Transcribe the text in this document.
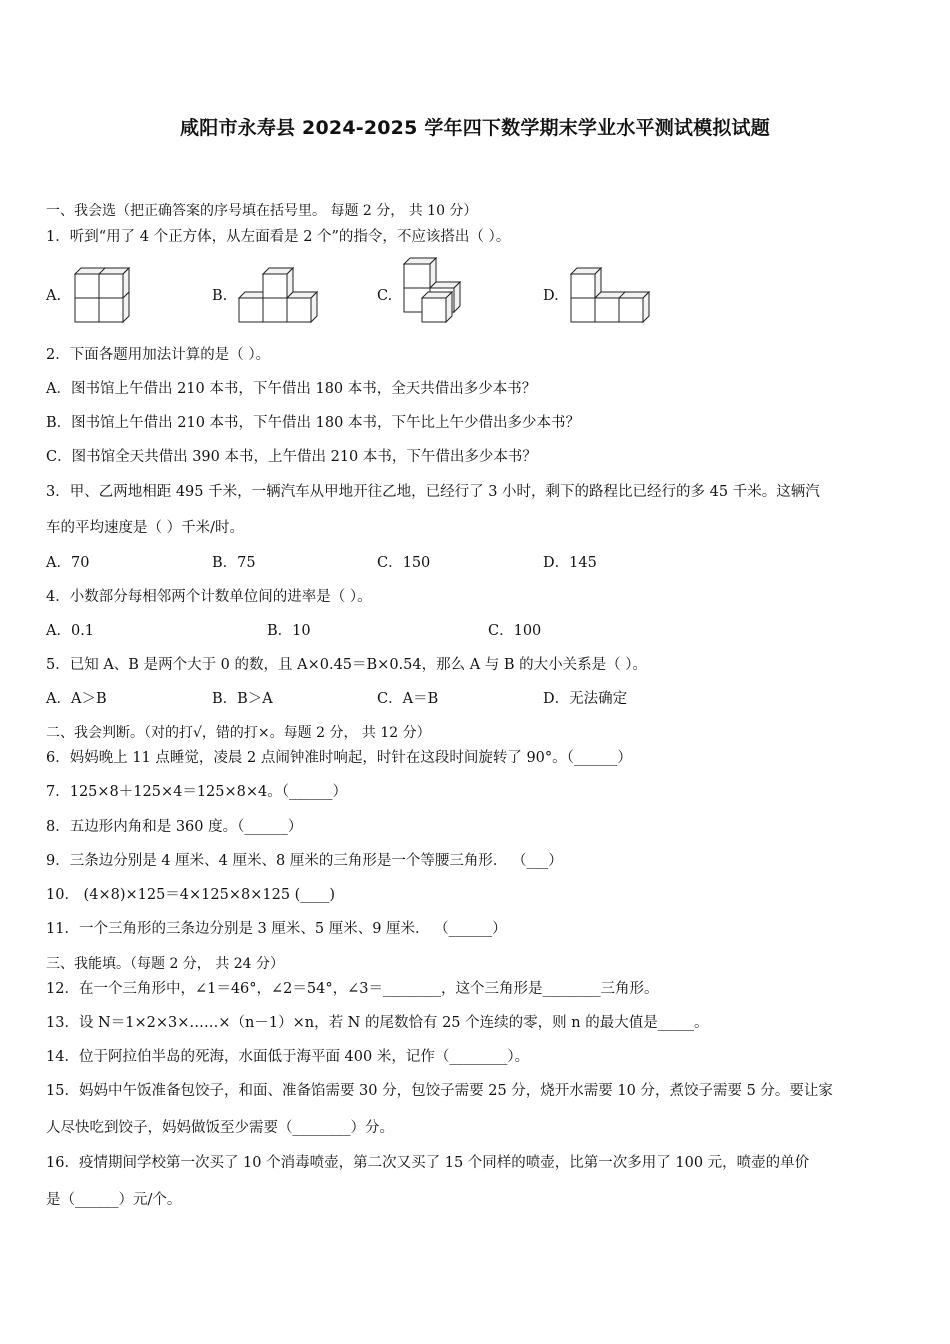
咸阳市永寿县 2024-2025 学年四下数学期末学业水平测试模拟试题
一、我会选（把正确答案的序号填在括号里。 每题 2 分， 共 10 分）
1．听到“用了 4 个正方体，从左面看是 2 个”的指令，不应该搭出（ ）。
A.	B.	C.	D.
2．下面各题用加法计算的是（ ）。
A．图书馆上午借出 210 本书，下午借出 180 本书，全天共借出多少本书？
B．图书馆上午借出 210 本书，下午借出 180 本书，下午比上午少借出多少本书？
C．图书馆全天共借出 390 本书，上午借出 210 本书，下午借出多少本书？
3．甲、乙两地相距 495 千米，一辆汽车从甲地开往乙地，已经行了 3 小时，剩下的路程比已经行的多 45 千米。这辆汽
车的平均速度是（ ）千米/时。
A．70	B．75	C．150	D．145
4．小数部分每相邻两个计数单位间的进率是（ ）。
A．0.1	B．10	C．100
5．已知 A、B 是两个大于 0 的数，且 A×0.45＝B×0.54，那么 A 与 B 的大小关系是（ ）。
A．A＞B	B．B＞A	C．A＝B	D．无法确定
二、我会判断。（对的打√，错的打×。每题 2 分， 共 12 分）
6．妈妈晚上 11 点睡觉，凌晨 2 点闹钟准时响起，时针在这段时间旋转了 90°。（______）
7．125×8＋125×4＝125×8×4。（______）
8．五边形内角和是 360 度。（______）
9．三条边分别是 4 厘米、4 厘米、8 厘米的三角形是一个等腰三角形． （___）
10． (4×8)×125＝4×125×8×125 (____)
11．一个三角形的三条边分别是 3 厘米、5 厘米、9 厘米． （______）
三、我能填。（每题 2 分， 共 24 分）
12．在一个三角形中，∠1＝46°，∠2＝54°，∠3＝________，这个三角形是________三角形。
13．设 N＝1×2×3×……×（n－1）×n，若 N 的尾数恰有 25 个连续的零，则 n 的最大值是_____。
14．位于阿拉伯半岛的死海，水面低于海平面 400 米，记作（________）。
15．妈妈中午饭准备包饺子，和面、准备馅需要 30 分，包饺子需要 25 分，烧开水需要 10 分，煮饺子需要 5 分。要让家
人尽快吃到饺子，妈妈做饭至少需要（________）分。
16．疫情期间学校第一次买了 10 个消毒喷壶，第二次又买了 15 个同样的喷壶，比第一次多用了 100 元，喷壶的单价
是（______）元/个。
